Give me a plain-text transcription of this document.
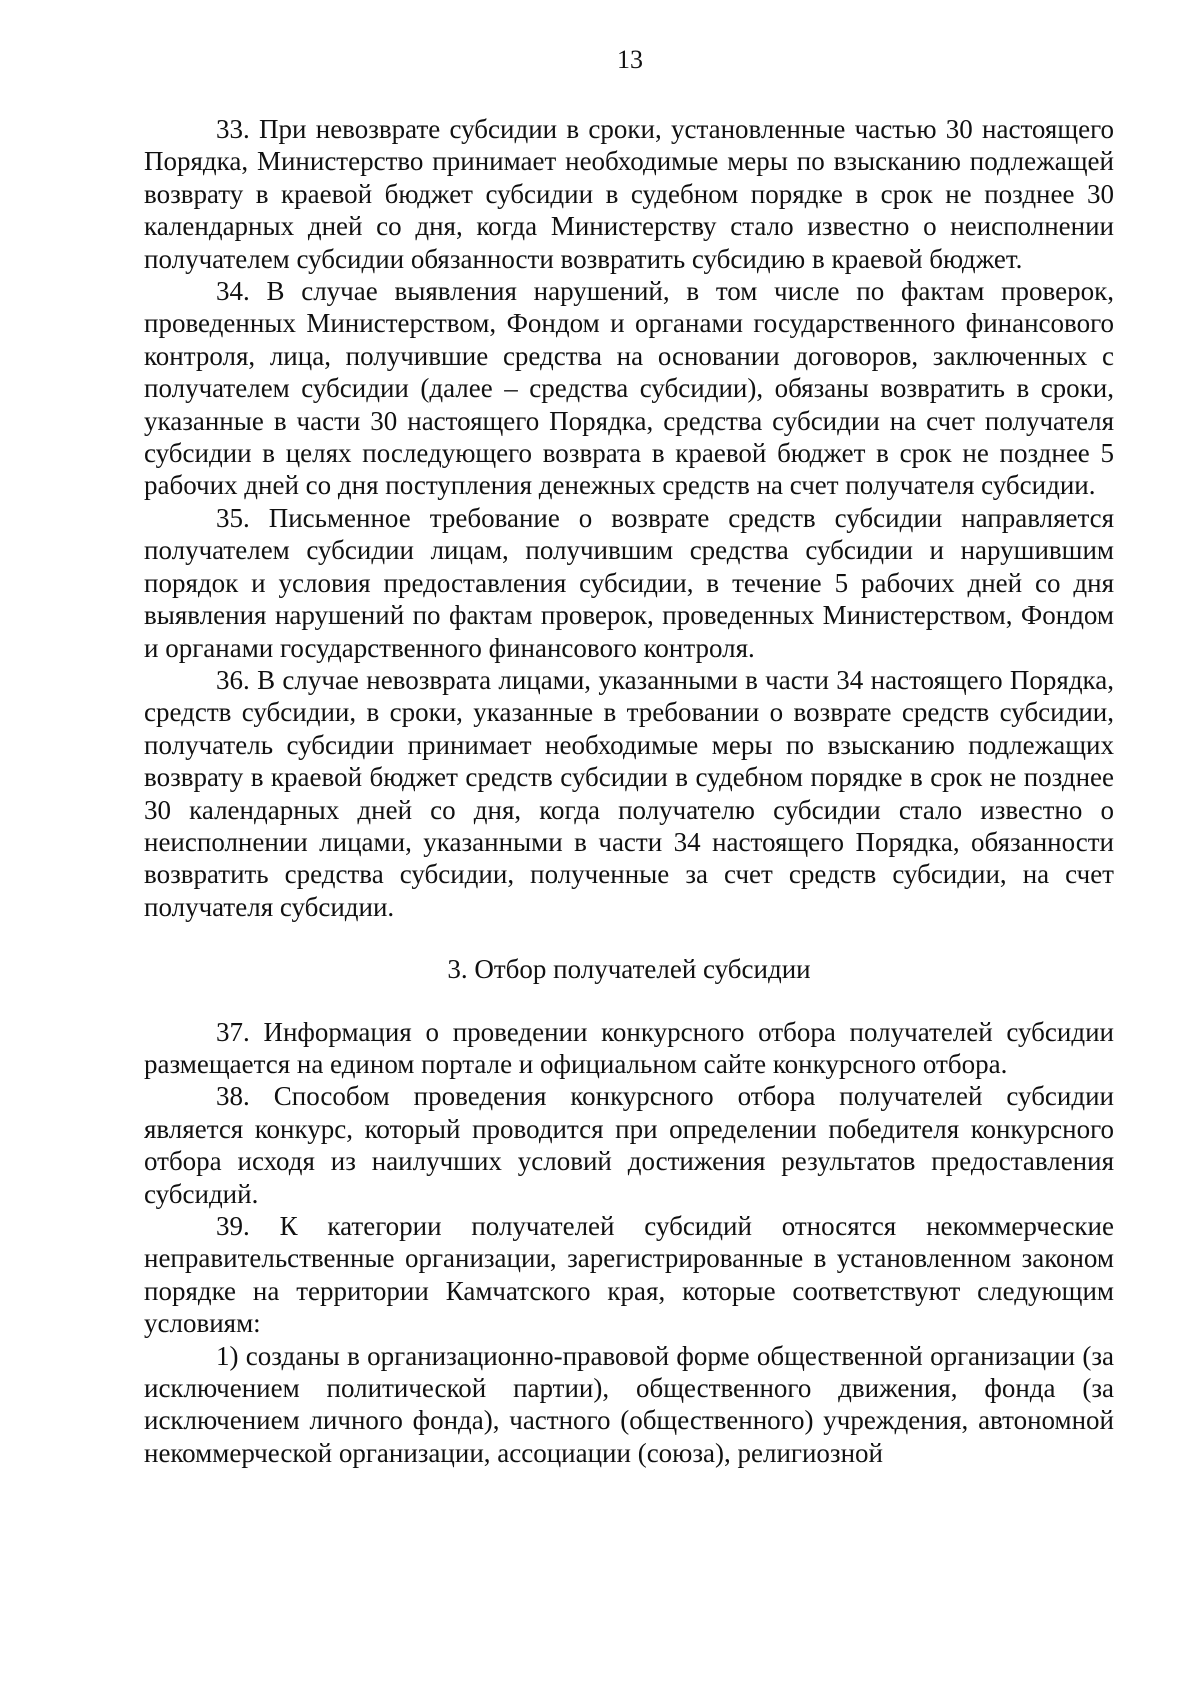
13

33. При невозврате субсидии в сроки, установленные частью 30 настоящего Порядка, Министерство принимает необходимые меры по взысканию подлежащей возврату в краевой бюджет субсидии в судебном порядке в срок не позднее 30 календарных дней со дня, когда Министерству стало известно о неисполнении получателем субсидии обязанности возвратить субсидию в краевой бюджет.

34. В случае выявления нарушений, в том числе по фактам проверок, проведенных Министерством, Фондом и органами государственного финансового контроля, лица, получившие средства на основании договоров, заключенных с получателем субсидии (далее – средства субсидии), обязаны возвратить в сроки, указанные в части 30 настоящего Порядка, средства субсидии на счет получателя субсидии в целях последующего возврата в краевой бюджет в срок не позднее 5 рабочих дней со дня поступления денежных средств на счет получателя субсидии.

35. Письменное требование о возврате средств субсидии направляется получателем субсидии лицам, получившим средства субсидии и нарушившим порядок и условия предоставления субсидии, в течение 5 рабочих дней со дня выявления нарушений по фактам проверок, проведенных Министерством, Фондом и органами государственного финансового контроля.

36. В случае невозврата лицами, указанными в части 34 настоящего Порядка, средств субсидии, в сроки, указанные в требовании о возврате средств субсидии, получатель субсидии принимает необходимые меры по взысканию подлежащих возврату в краевой бюджет средств субсидии в судебном порядке в срок не позднее 30 календарных дней со дня, когда получателю субсидии стало известно о неисполнении лицами, указанными в части 34 настоящего Порядка, обязанности возвратить средства субсидии, полученные за счет средств субсидии, на счет получателя субсидии.

3. Отбор получателей субсидии

37. Информация о проведении конкурсного отбора получателей субсидии размещается на едином портале и официальном сайте конкурсного отбора.

38. Способом проведения конкурсного отбора получателей субсидии является конкурс, который проводится при определении победителя конкурсного отбора исходя из наилучших условий достижения результатов предоставления субсидий.

39. К категории получателей субсидий относятся некоммерческие неправительственные организации, зарегистрированные в установленном законом порядке на территории Камчатского края, которые соответствуют следующим условиям:

1) созданы в организационно-правовой форме общественной организации (за исключением политической партии), общественного движения, фонда (за исключением личного фонда), частного (общественного) учреждения, автономной некоммерческой организации, ассоциации (союза), религиозной
